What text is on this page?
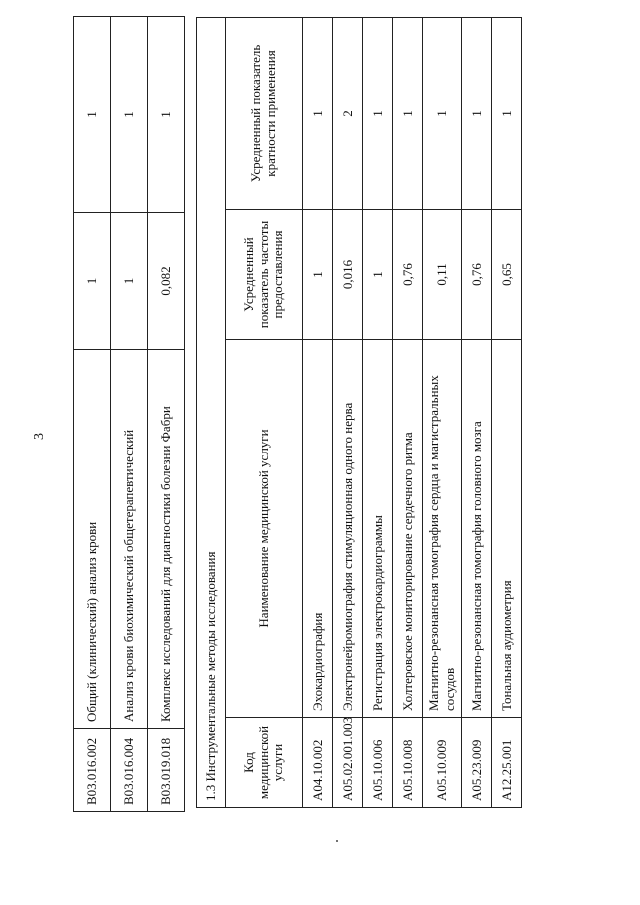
3
B03.016.002	Общий (клинический) анализ крови	1	1
B03.016.004	Анализ крови биохимический общетерапевтический	1	1
B03.019.018	Комплекс исследований для диагностики болезни Фабри	0,082	1
1.3 Инструментальные методы исследования			
Код медицинской услуги	Наименование медицинской услуги	Усредненный показатель частоты предоставления	Усредненный показатель кратности применения
A04.10.002	Эхокардиография	1	1
A05.02.001.003	Электронейромиография стимуляционная одного нерва	0,016	2
A05.10.006	Регистрация электрокардиограммы	1	1
A05.10.008	Холтеровское мониторирование сердечного ритма	0,76	1
A05.10.009	Магнитно-резонансная томография сердца и магистральных сосудов	0,11	1
A05.23.009	Магнитно-резонансная томография головного мозга	0,76	1
A12.25.001	Тональная аудиометрия	0,65	1
